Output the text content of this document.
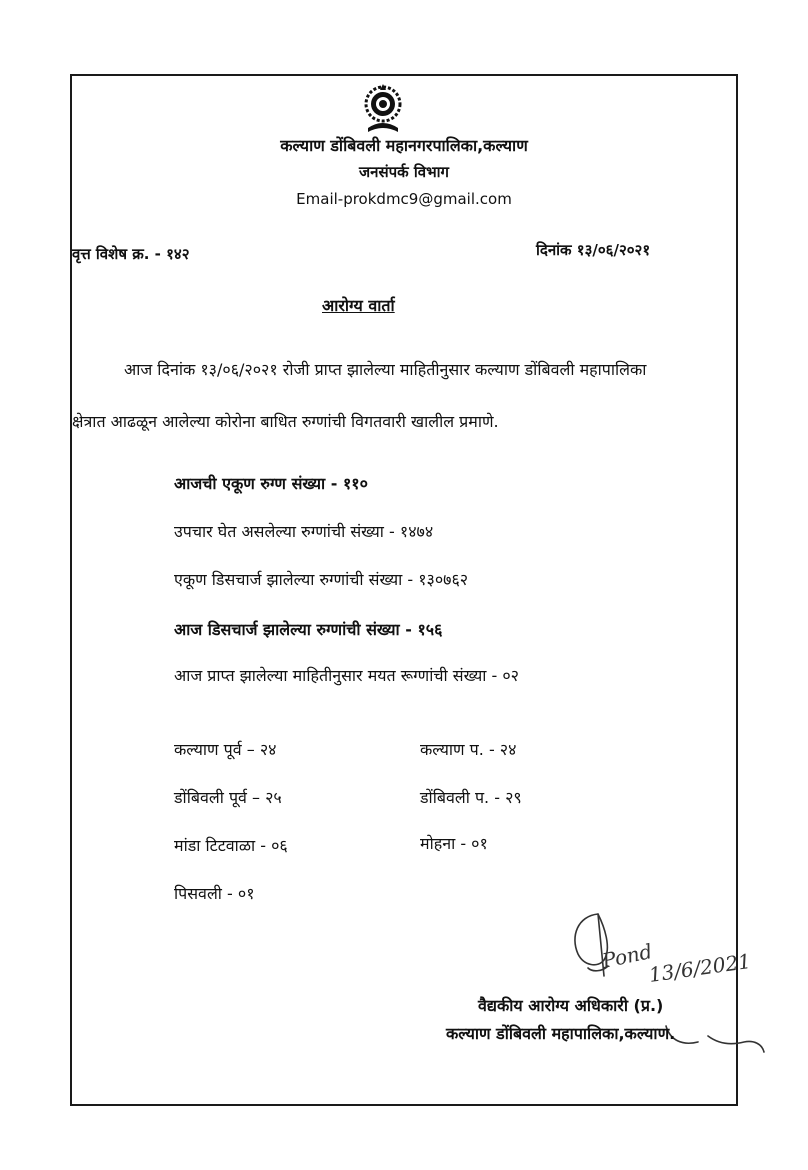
कल्याण डोंबिवली महानगरपालिका,कल्याण
जनसंपर्क विभाग
Email-prokdmc9@gmail.com
वृत्त विशेष क्र. - १४२	दिनांक १३/०६/२०२१
आरोग्य वार्ता
आज दिनांक १३/०६/२०२१ रोजी प्राप्त झालेल्या माहितीनुसार कल्याण डोंबिवली महापालिका
क्षेत्रात आढळून आलेल्या कोरोना बाधित रुग्णांची विगतवारी खालील प्रमाणे.
आजची एकूण रुग्ण संख्या - ११०
उपचार घेत असलेल्या रुग्णांची संख्या - १४७४
एकूण डिसचार्ज झालेल्या रुग्णांची संख्या - १३०७६२
आज डिसचार्ज झालेल्या रुग्णांची संख्या - १५६
आज प्राप्त झालेल्या माहितीनुसार मयत रूग्णांची संख्या - ०२
कल्याण पूर्व – २४	कल्याण प. - २४
डोंबिवली पूर्व – २५	डोंबिवली प. - २९
मांडा टिटवाळा - ०६	मोहना - ०१
पिसवली - ०१
Pond
13/6/2021
वैद्यकीय आरोग्य अधिकारी (प्र.)
कल्याण डोंबिवली महापालिका,कल्याण.
